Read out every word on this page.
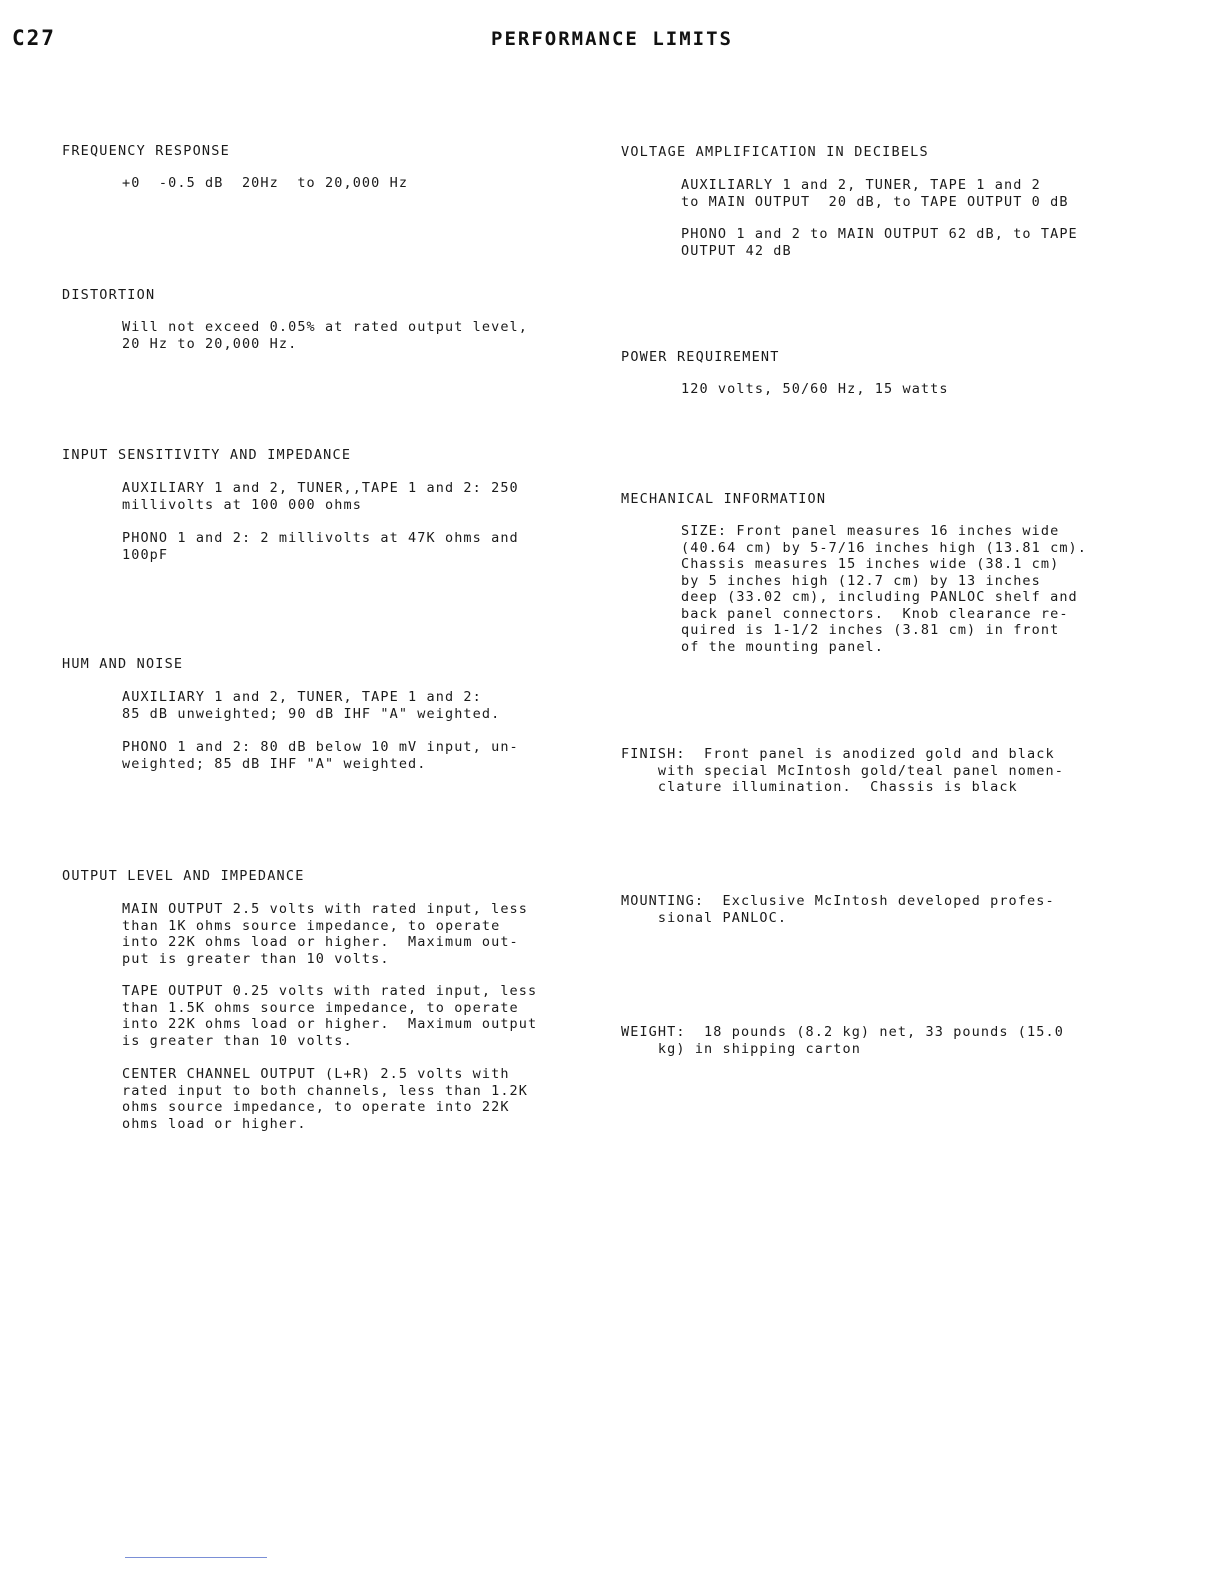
C27	PERFORMANCE LIMITS
FREQUENCY RESPONSE
+0  -0.5 dB  20Hz  to 20,000 Hz
DISTORTION
Will not exceed 0.05% at rated output level,
20 Hz to 20,000 Hz.
INPUT SENSITIVITY AND IMPEDANCE
AUXILIARY 1 and 2, TUNER,,TAPE 1 and 2: 250
millivolts at 100 000 ohms
PHONO 1 and 2: 2 millivolts at 47K ohms and
100pF
HUM AND NOISE
AUXILIARY 1 and 2, TUNER, TAPE 1 and 2:
85 dB unweighted; 90 dB IHF "A" weighted.
PHONO 1 and 2: 80 dB below 10 mV input, un-
weighted; 85 dB IHF "A" weighted.
OUTPUT LEVEL AND IMPEDANCE
MAIN OUTPUT 2.5 volts with rated input, less
than 1K ohms source impedance, to operate
into 22K ohms load or higher.  Maximum out-
put is greater than 10 volts.
TAPE OUTPUT 0.25 volts with rated input, less
than 1.5K ohms source impedance, to operate
into 22K ohms load or higher.  Maximum output
is greater than 10 volts.
CENTER CHANNEL OUTPUT (L+R) 2.5 volts with
rated input to both channels, less than 1.2K
ohms source impedance, to operate into 22K
ohms load or higher.
VOLTAGE AMPLIFICATION IN DECIBELS
AUXILIARLY 1 and 2, TUNER, TAPE 1 and 2
to MAIN OUTPUT  20 dB, to TAPE OUTPUT 0 dB
PHONO 1 and 2 to MAIN OUTPUT 62 dB, to TAPE
OUTPUT 42 dB
POWER REQUIREMENT
120 volts, 50/60 Hz, 15 watts
MECHANICAL INFORMATION
SIZE: Front panel measures 16 inches wide
(40.64 cm) by 5-7/16 inches high (13.81 cm).
Chassis measures 15 inches wide (38.1 cm)
by 5 inches high (12.7 cm) by 13 inches
deep (33.02 cm), including PANLOC shelf and
back panel connectors.  Knob clearance re-
quired is 1-1/2 inches (3.81 cm) in front
of the mounting panel.
FINISH:  Front panel is anodized gold and black
with special McIntosh gold/teal panel nomen-
clature illumination.  Chassis is black
MOUNTING:  Exclusive McIntosh developed profes-
sional PANLOC.
WEIGHT:  18 pounds (8.2 kg) net, 33 pounds (15.0
kg) in shipping carton
